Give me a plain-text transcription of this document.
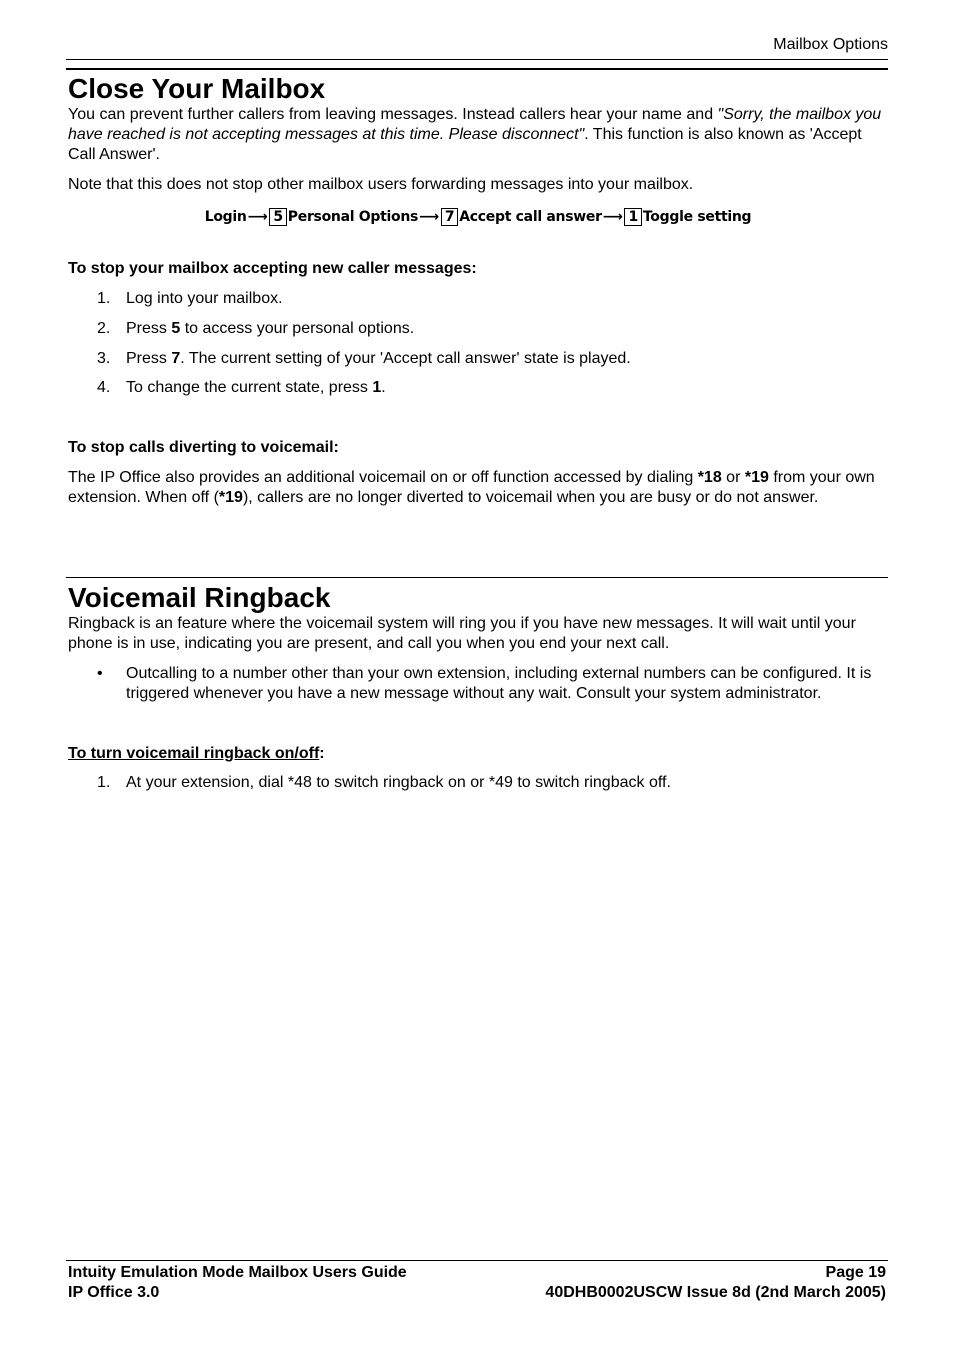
Mailbox Options
Close Your Mailbox

You can prevent further callers from leaving messages. Instead callers hear your name and "Sorry, the mailbox you have reached is not accepting messages at this time. Please disconnect". This function is also known as 'Accept Call Answer'.

Note that this does not stop other mailbox users forwarding messages into your mailbox.

Login ⟶ 5 Personal Options ⟶ 7 Accept call answer ⟶ 1 Toggle setting

To stop your mailbox accepting new caller messages:

1. Log into your mailbox.
2. Press 5 to access your personal options.
3. Press 7. The current setting of your 'Accept call answer' state is played.
4. To change the current state, press 1.

To stop calls diverting to voicemail:

The IP Office also provides an additional voicemail on or off function accessed by dialing *18 or *19 from your own extension. When off (*19), callers are no longer diverted to voicemail when you are busy or do not answer.

Voicemail Ringback

Ringback is an feature where the voicemail system will ring you if you have new messages. It will wait until your phone is in use, indicating you are present, and call you when you end your next call.

• Outcalling to a number other than your own extension, including external numbers can be configured. It is triggered whenever you have a new message without any wait. Consult your system administrator.

To turn voicemail ringback on/off:

1. At your extension, dial *48 to switch ringback on or *49 to switch ringback off.
Intuity Emulation Mode Mailbox Users Guide	Page 19
IP Office 3.0	40DHB0002USCW Issue 8d (2nd March 2005)
